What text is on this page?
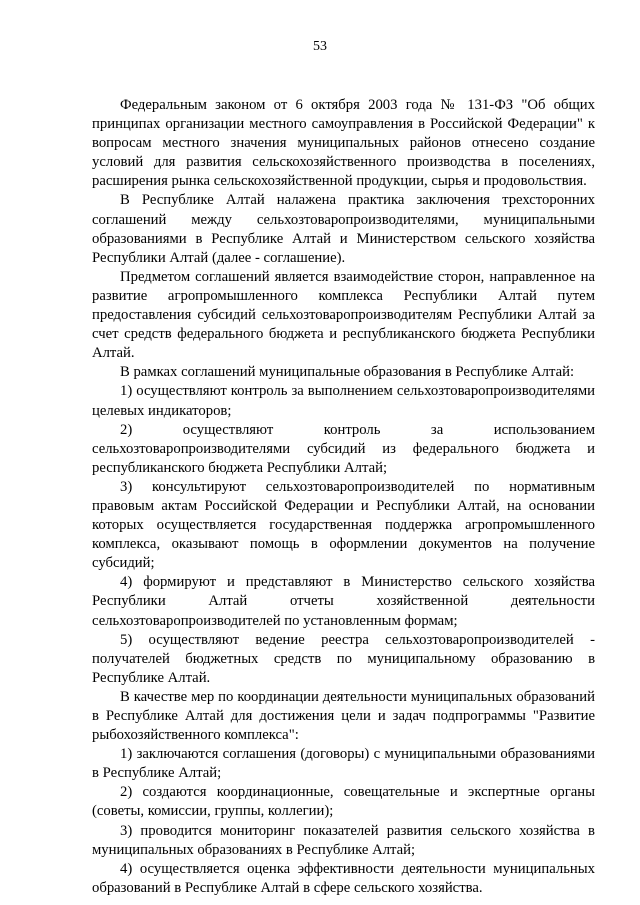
53

Федеральным законом от 6 октября 2003 года № 131-ФЗ "Об общих принципах организации местного самоуправления в Российской Федерации" к вопросам местного значения муниципальных районов отнесено создание условий для развития сельскохозяйственного производства в поселениях, расширения рынка сельскохозяйственной продукции, сырья и продовольствия.

В Республике Алтай налажена практика заключения трехсторонних соглашений между сельхозтоваропроизводителями, муниципальными образованиями в Республике Алтай и Министерством сельского хозяйства Республики Алтай (далее - соглашение).

Предметом соглашений является взаимодействие сторон, направленное на развитие агропромышленного комплекса Республики Алтай путем предоставления субсидий сельхозтоваропроизводителям Республики Алтай за счет средств федерального бюджета и республиканского бюджета Республики Алтай.

В рамках соглашений муниципальные образования в Республике Алтай:

1) осуществляют контроль за выполнением сельхозтоваропроизводителями целевых индикаторов;

2) осуществляют контроль за использованием сельхозтоваропроизводителями субсидий из федерального бюджета и республиканского бюджета Республики Алтай;

3) консультируют сельхозтоваропроизводителей по нормативным правовым актам Российской Федерации и Республики Алтай, на основании которых осуществляется государственная поддержка агропромышленного комплекса, оказывают помощь в оформлении документов на получение субсидий;

4) формируют и представляют в Министерство сельского хозяйства Республики Алтай отчеты хозяйственной деятельности сельхозтоваропроизводителей по установленным формам;

5) осуществляют ведение реестра сельхозтоваропроизводителей - получателей бюджетных средств по муниципальному образованию в Республике Алтай.

В качестве мер по координации деятельности муниципальных образований в Республике Алтай для достижения цели и задач подпрограммы "Развитие рыбохозяйственного комплекса":

1) заключаются соглашения (договоры) с муниципальными образованиями в Республике Алтай;

2) создаются координационные, совещательные и экспертные органы (советы, комиссии, группы, коллегии);

3) проводится мониторинг показателей развития сельского хозяйства в муниципальных образованиях в Республике Алтай;

4) осуществляется оценка эффективности деятельности муниципальных образований в Республике Алтай в сфере сельского хозяйства.
